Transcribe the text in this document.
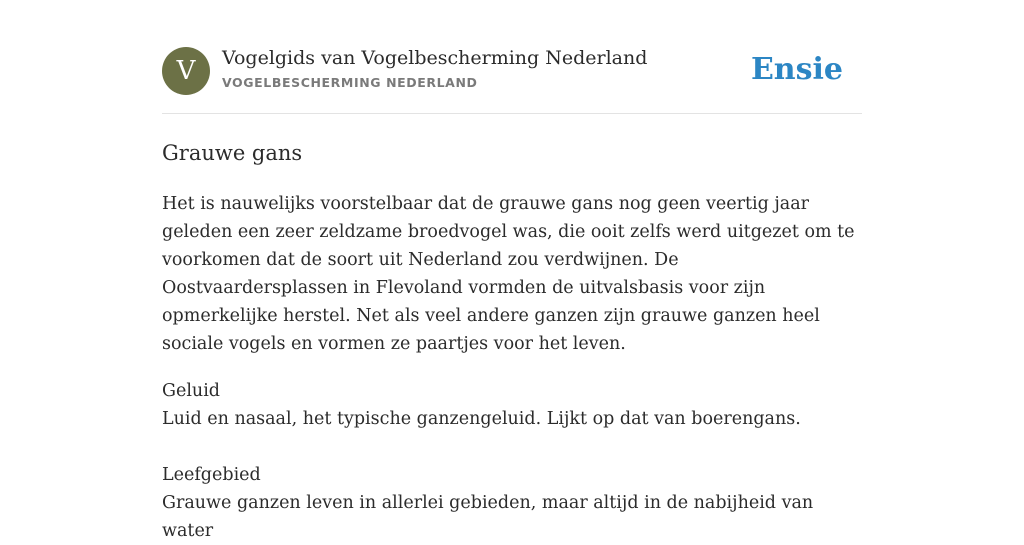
V	Vogelgids van Vogelbescherming Nederland
VOGELBESCHERMING NEDERLAND	Ensie
Grauwe gans

Het is nauwelijks voorstelbaar dat de grauwe gans nog geen veertig jaar geleden een zeer zeldzame broedvogel was, die ooit zelfs werd uitgezet om te voorkomen dat de soort uit Nederland zou verdwijnen. De Oostvaardersplassen in Flevoland vormden de uitvalsbasis voor zijn opmerkelijke herstel. Net als veel andere ganzen zijn grauwe ganzen heel sociale vogels en vormen ze paartjes voor het leven.

Geluid
Luid en nasaal, het typische ganzengeluid. Lijkt op dat van boerengans.
Leefgebied
Grauwe ganzen leven in allerlei gebieden, maar altijd in de nabijheid van water
